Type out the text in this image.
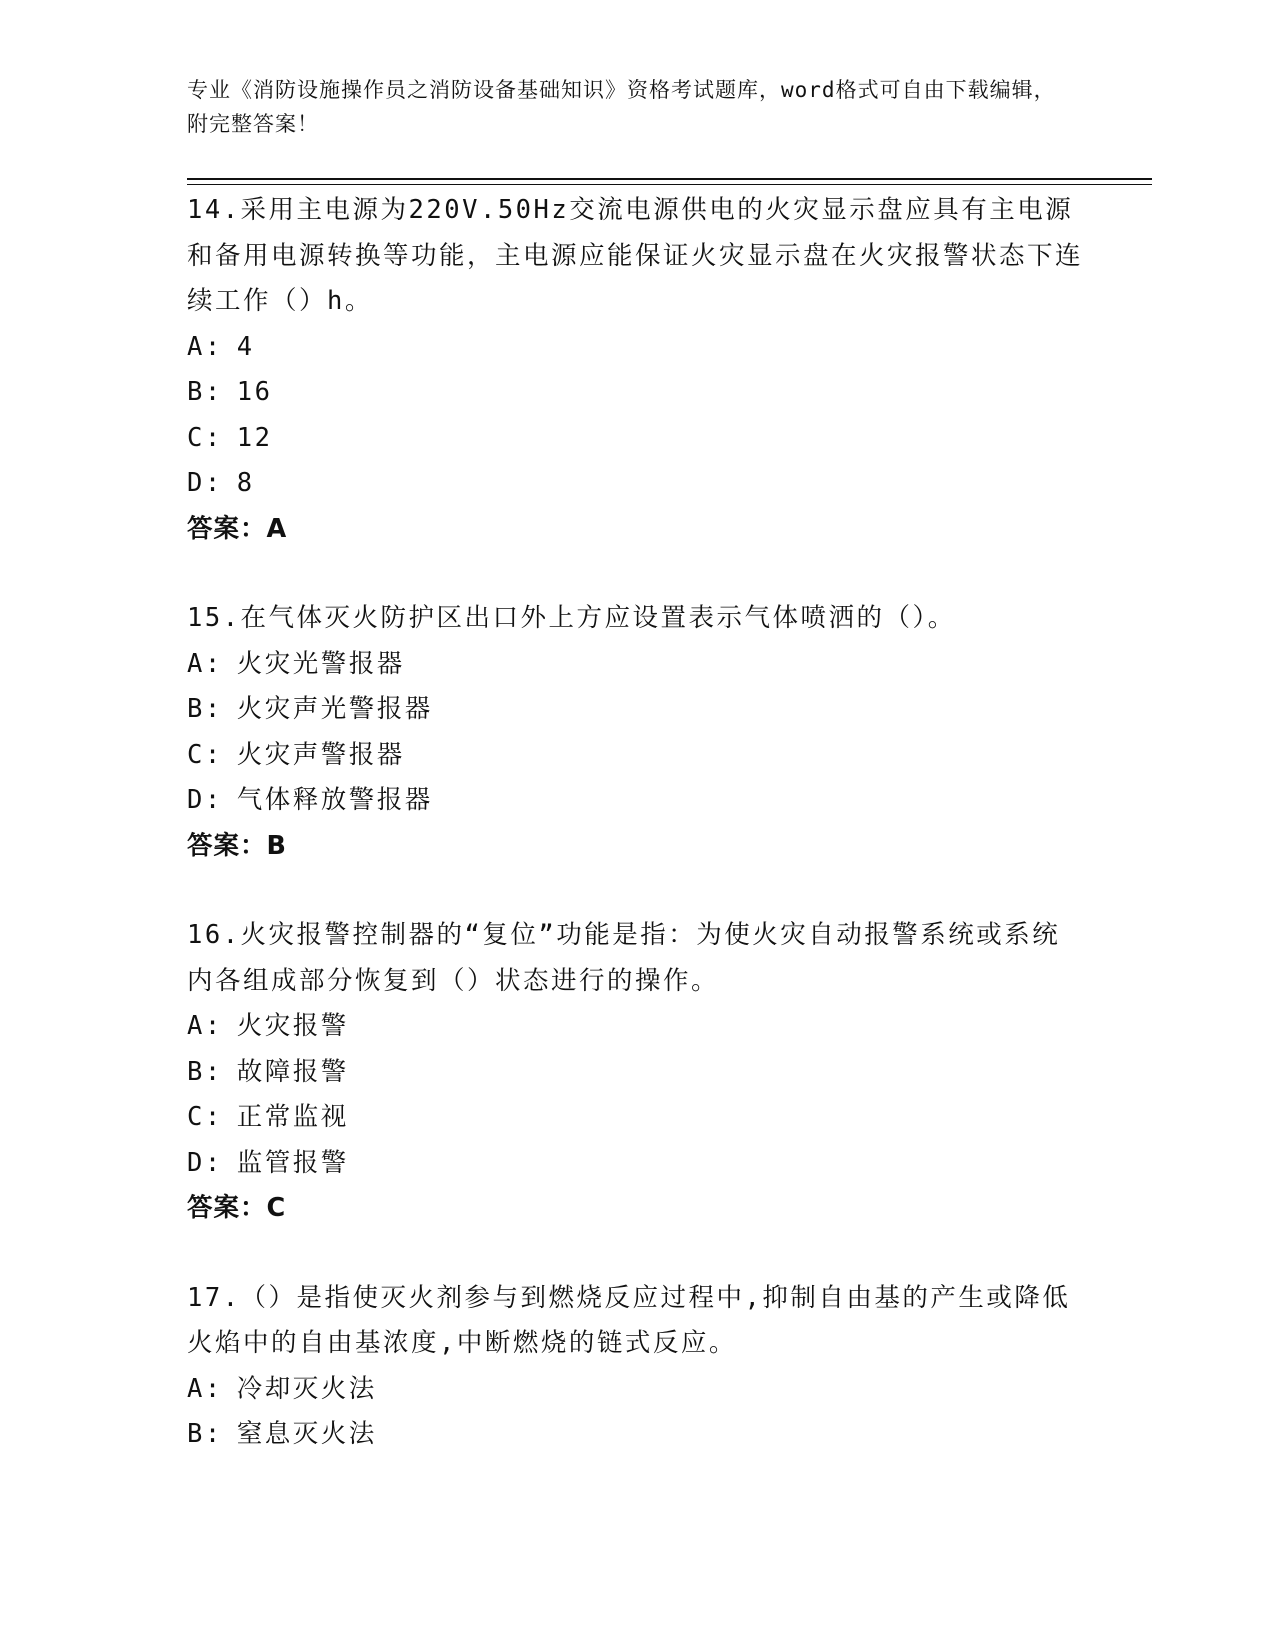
专业《消防设施操作员之消防设备基础知识》资格考试题库，word格式可自由下载编辑，附完整答案！
14.采用主电源为220V.50Hz交流电源供电的火灾显示盘应具有主电源和备用电源转换等功能，主电源应能保证火灾显示盘在火灾报警状态下连续工作（）h。
A: 4
B: 16
C: 12
D: 8
答案：A
15.在气体灭火防护区出口外上方应设置表示气体喷洒的（）。
A: 火灾光警报器
B: 火灾声光警报器
C: 火灾声警报器
D: 气体释放警报器
答案：B
16.火灾报警控制器的“复位”功能是指：为使火灾自动报警系统或系统内各组成部分恢复到（）状态进行的操作。
A: 火灾报警
B: 故障报警
C: 正常监视
D: 监管报警
答案：C
17.（）是指使灭火剂参与到燃烧反应过程中,抑制自由基的产生或降低火焰中的自由基浓度,中断燃烧的链式反应。
A: 冷却灭火法
B: 窒息灭火法
